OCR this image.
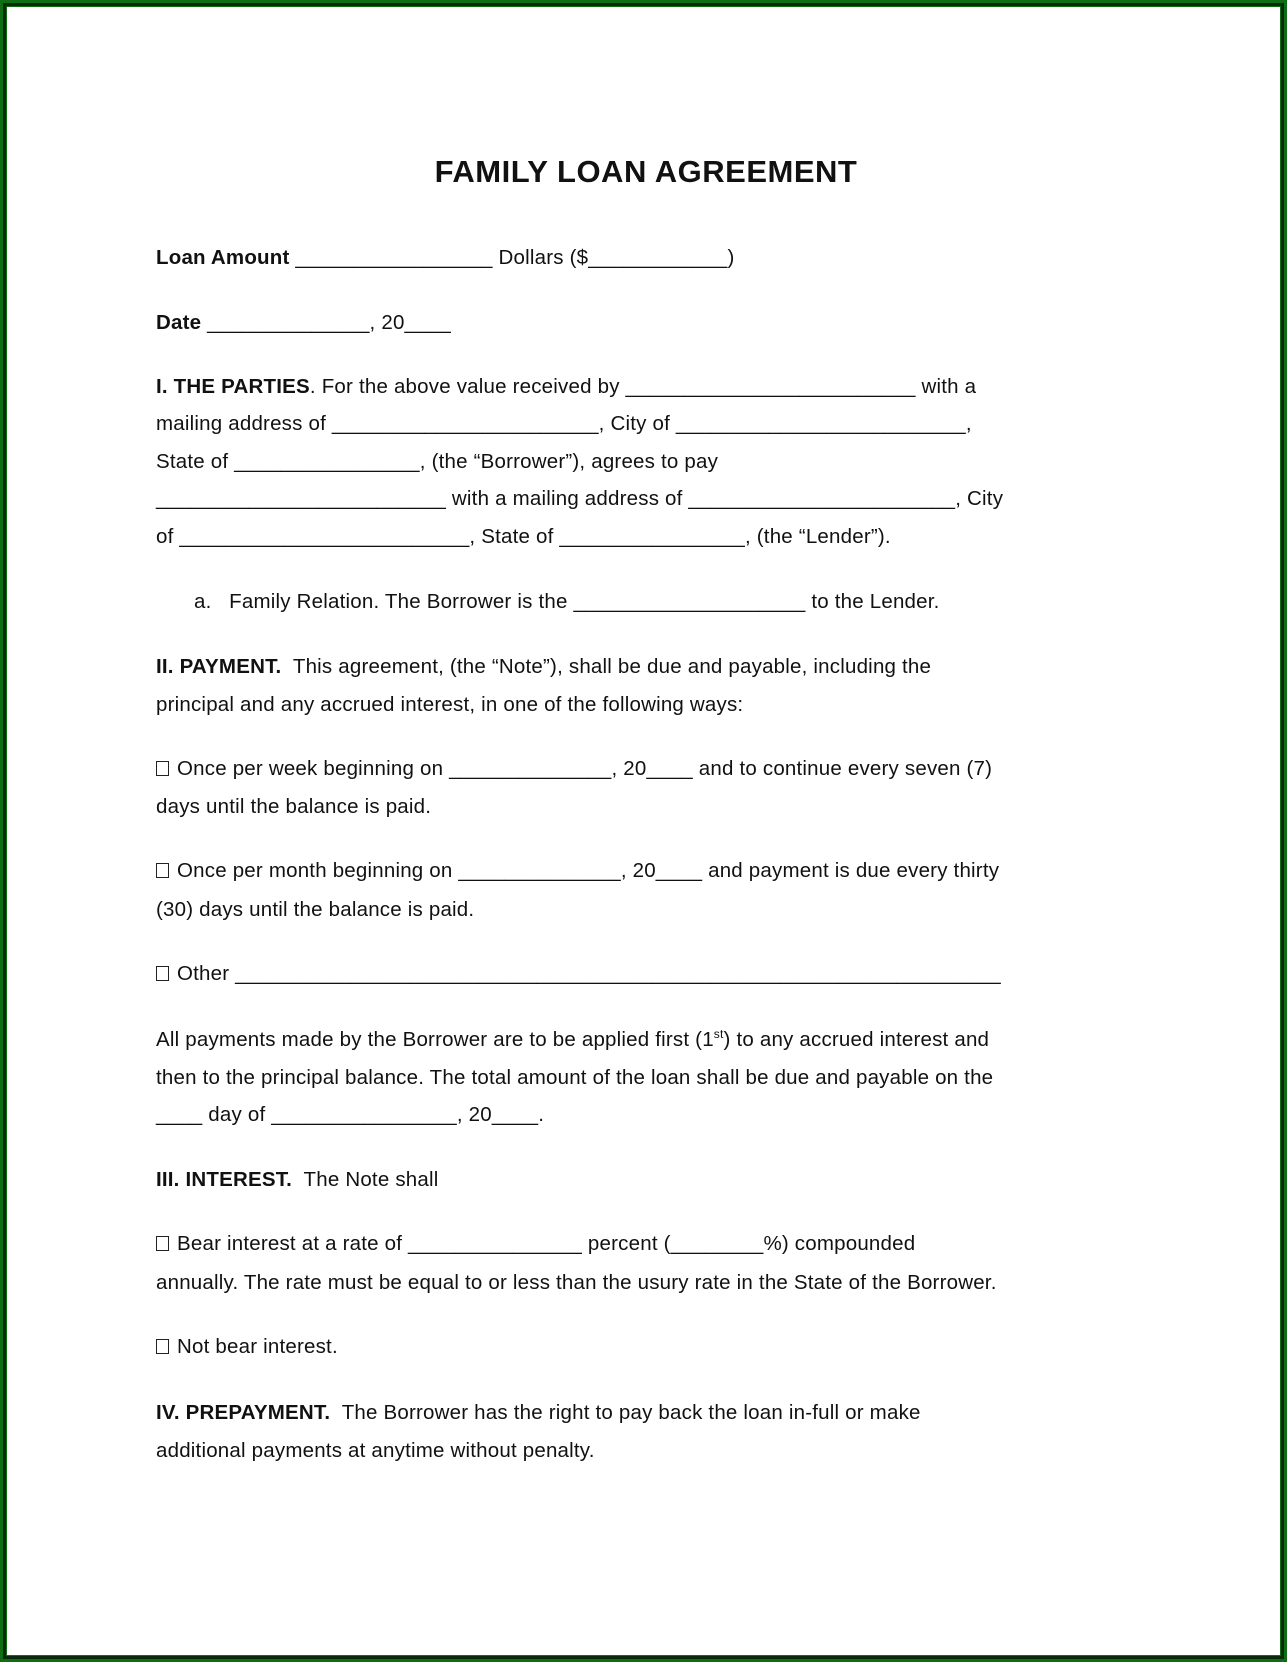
FAMILY LOAN AGREEMENT
Loan Amount _________________ Dollars ($____________)
Date ______________, 20____
I. THE PARTIES. For the above value received by _________________________ with a
mailing address of _______________________, City of _________________________,
State of ________________, (the “Borrower”), agrees to pay
_________________________ with a mailing address of _______________________, City
of _________________________, State of ________________, (the “Lender”).
a.   Family Relation. The Borrower is the ____________________ to the Lender.
II. PAYMENT.  This agreement, (the “Note”), shall be due and payable, including the
principal and any accrued interest, in one of the following ways:
Once per week beginning on ______________, 20____ and to continue every seven (7)
days until the balance is paid.
Once per month beginning on ______________, 20____ and payment is due every thirty
(30) days until the balance is paid.
Other __________________________________________________________________
All payments made by the Borrower are to be applied first (1st) to any accrued interest and
then to the principal balance. The total amount of the loan shall be due and payable on the
____ day of ________________, 20____.
III. INTEREST.  The Note shall
Bear interest at a rate of _______________ percent (________%) compounded
annually. The rate must be equal to or less than the usury rate in the State of the Borrower.
Not bear interest.
IV. PREPAYMENT.  The Borrower has the right to pay back the loan in-full or make
additional payments at anytime without penalty.
